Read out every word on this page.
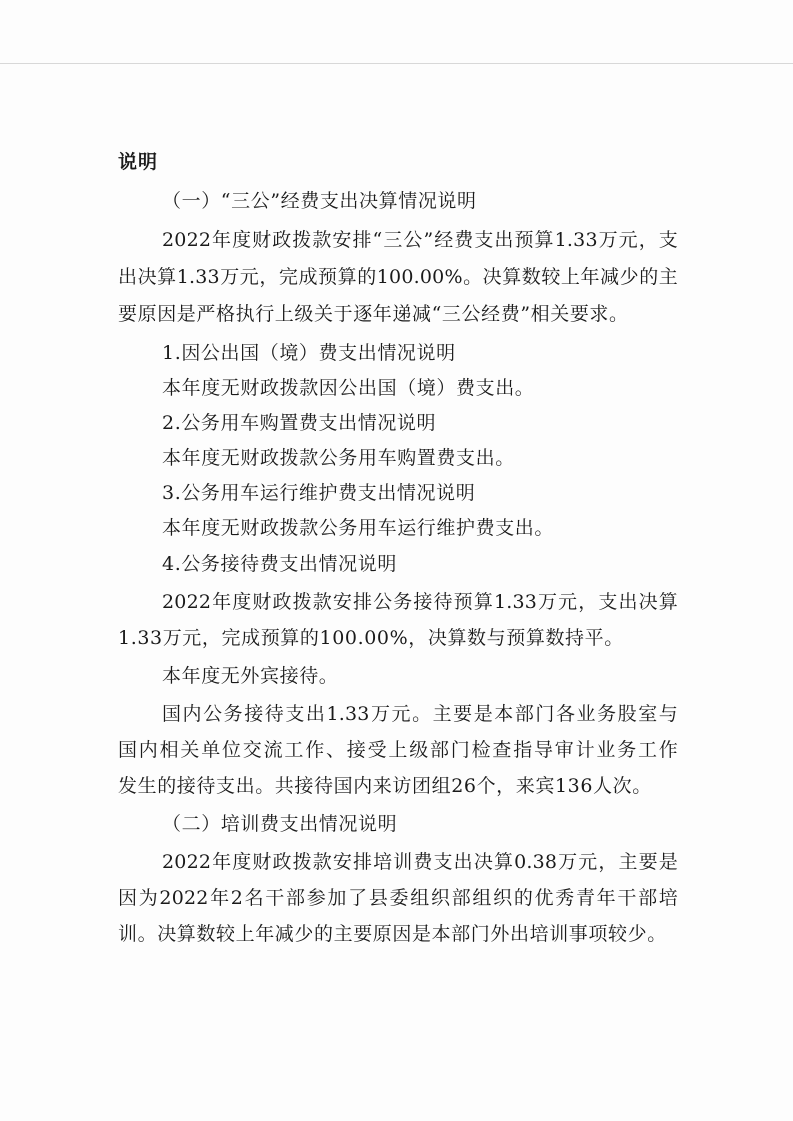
说明
（一）“三公”经费支出决算情况说明
2022年度财政拨款安排“三公”经费支出预算1.33万元，支
出决算1.33万元，完成预算的100.00%。决算数较上年减少的主
要原因是严格执行上级关于逐年递减“三公经费”相关要求。
1.因公出国（境）费支出情况说明
本年度无财政拨款因公出国（境）费支出。
2.公务用车购置费支出情况说明
本年度无财政拨款公务用车购置费支出。
3.公务用车运行维护费支出情况说明
本年度无财政拨款公务用车运行维护费支出。
4.公务接待费支出情况说明
2022年度财政拨款安排公务接待预算1.33万元，支出决算
1.33万元，完成预算的100.00%，决算数与预算数持平。
本年度无外宾接待。
国内公务接待支出1.33万元。主要是本部门各业务股室与
国内相关单位交流工作、接受上级部门检查指导审计业务工作
发生的接待支出。共接待国内来访团组26个，来宾136人次。
（二）培训费支出情况说明
2022年度财政拨款安排培训费支出决算0.38万元，主要是
因为2022年2名干部参加了县委组织部组织的优秀青年干部培
训。决算数较上年减少的主要原因是本部门外出培训事项较少。
